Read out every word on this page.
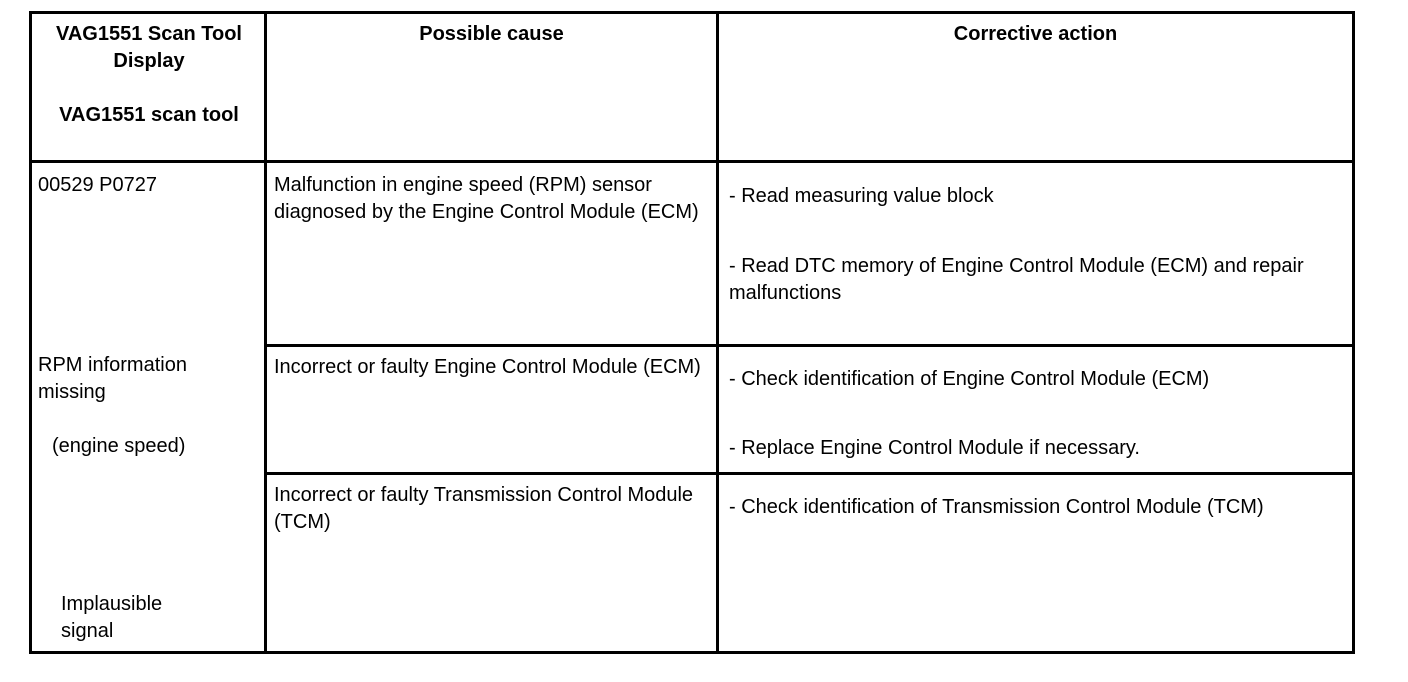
VAG1551 Scan Tool Display

VAG1551 scan tool

Possible cause	Corrective action
00529 P0727
RPM information missing
(engine speed)
Implausible signal
Malfunction in engine speed (RPM) sensor diagnosed by the Engine Control Module (ECM)
- Read measuring value block
- Read DTC memory of Engine Control Module (ECM) and repair malfunctions
Incorrect or faulty Engine Control Module (ECM)
- Check identification of Engine Control Module (ECM)
- Replace Engine Control Module if necessary.
Incorrect or faulty Transmission Control Module (TCM)
- Check identification of Transmission Control Module (TCM)
